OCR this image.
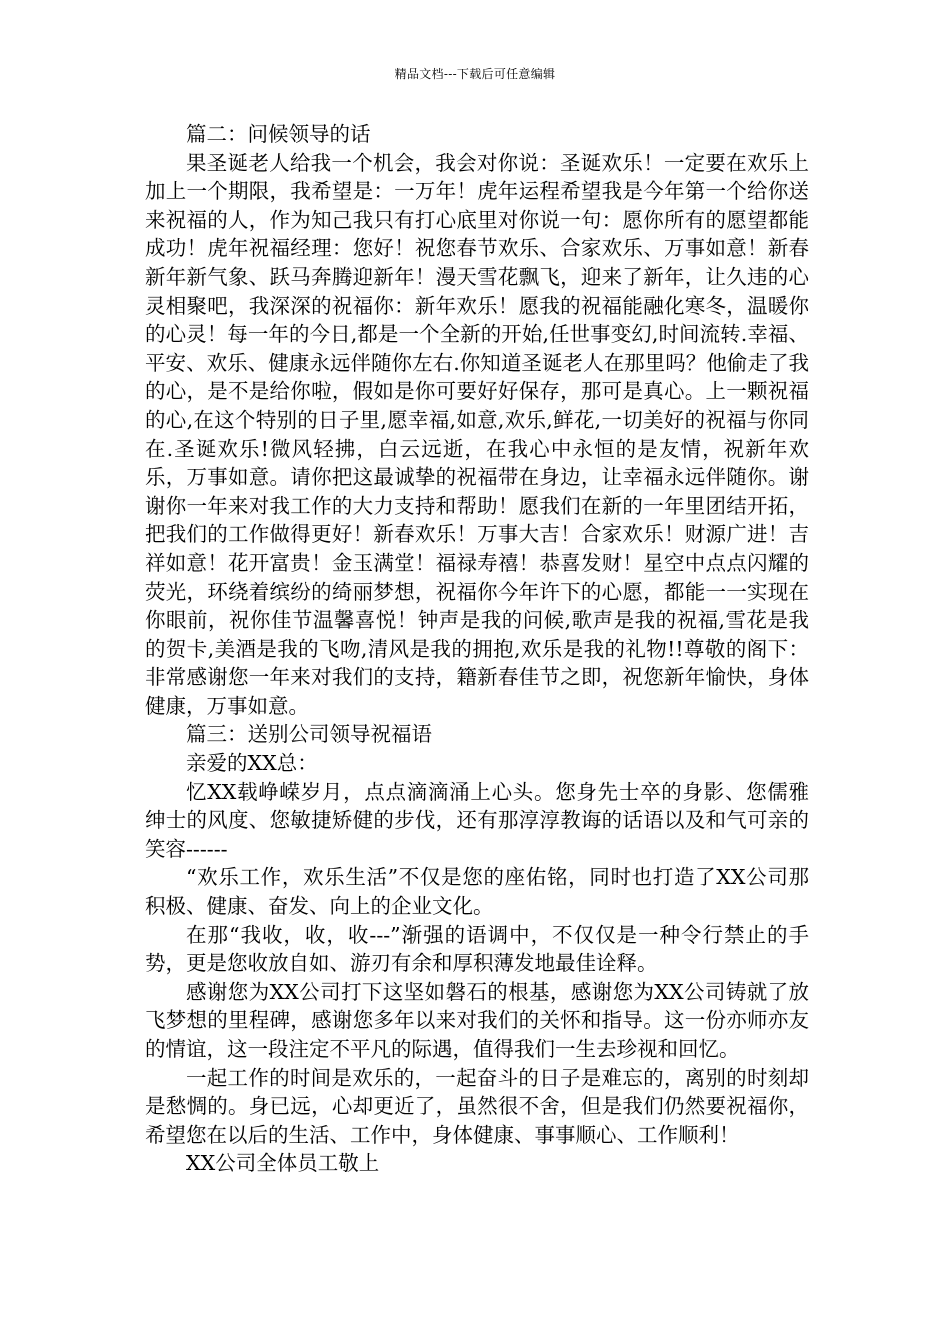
精品文档---下载后可任意编辑

篇二：问候领导的话

果圣诞老人给我一个机会，我会对你说：圣诞欢乐！一定要在欢乐上加上一个期限，我希望是：一万年！虎年运程希望我是今年第一个给你送来祝福的人，作为知己我只有打心底里对你说一句：愿你所有的愿望都能成功！虎年祝福经理：您好！祝您春节欢乐、合家欢乐、万事如意！新春新年新气象、跃马奔腾迎新年！漫天雪花飘飞，迎来了新年，让久违的心灵相聚吧，我深深的祝福你：新年欢乐！愿我的祝福能融化寒冬，温暖你的心灵！每一年的今日,都是一个全新的开始,任世事变幻,时间流转.幸福、平安、欢乐、健康永远伴随你左右.你知道圣诞老人在那里吗？他偷走了我的心，是不是给你啦，假如是你可要好好保存，那可是真心。上一颗祝福的心,在这个特别的日子里,愿幸福,如意,欢乐,鲜花,一切美好的祝福与你同在.圣诞欢乐!微风轻拂，白云远逝，在我心中永恒的是友情，祝新年欢乐，万事如意。请你把这最诚挚的祝福带在身边，让幸福永远伴随你。谢谢你一年来对我工作的大力支持和帮助！愿我们在新的一年里团结开拓，把我们的工作做得更好！新春欢乐！万事大吉！合家欢乐！财源广进！吉祥如意！花开富贵！金玉满堂！福禄寿禧！恭喜发财！星空中点点闪耀的荧光，环绕着缤纷的绮丽梦想，祝福你今年许下的心愿，都能一一实现在你眼前，祝你佳节温馨喜悦！钟声是我的问候,歌声是我的祝福,雪花是我的贺卡,美酒是我的飞吻,清风是我的拥抱,欢乐是我的礼物!!尊敬的阁下：非常感谢您一年来对我们的支持，籍新春佳节之即，祝您新年愉快，身体健康，万事如意。

篇三：送别公司领导祝福语

亲爱的XX总：

忆XX载峥嵘岁月，点点滴滴涌上心头。您身先士卒的身影、您儒雅绅士的风度、您敏捷矫健的步伐，还有那淳淳教诲的话语以及和气可亲的笑容------

“欢乐工作，欢乐生活”不仅是您的座佑铭，同时也打造了XX公司那积极、健康、奋发、向上的企业文化。

在那“我收，收，收---”渐强的语调中，不仅仅是一种令行禁止的手势，更是您收放自如、游刃有余和厚积薄发地最佳诠释。

感谢您为XX公司打下这坚如磐石的根基，感谢您为XX公司铸就了放飞梦想的里程碑，感谢您多年以来对我们的关怀和指导。这一份亦师亦友的情谊，这一段注定不平凡的际遇，值得我们一生去珍视和回忆。

一起工作的时间是欢乐的，一起奋斗的日子是难忘的，离别的时刻却是愁惆的。身已远，心却更近了，虽然很不舍，但是我们仍然要祝福你，希望您在以后的生活、工作中，身体健康、事事顺心、工作顺利！

XX公司全体员工敬上
